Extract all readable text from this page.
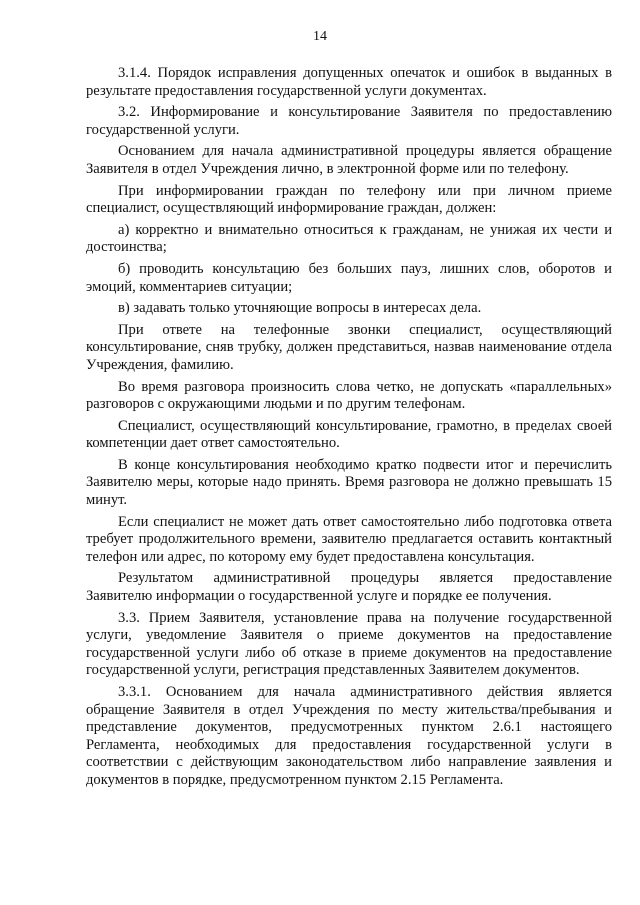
14

3.1.4. Порядок исправления допущенных опечаток и ошибок в выданных в результате предоставления государственной услуги документах.

3.2. Информирование и консультирование Заявителя по предоставлению государственной услуги.

Основанием для начала административной процедуры является обращение Заявителя в отдел Учреждения лично, в электронной форме или по телефону.

При информировании граждан по телефону или при личном приеме специалист, осуществляющий информирование граждан, должен:

а) корректно и внимательно относиться к гражданам, не унижая их чести и достоинства;

б) проводить консультацию без больших пауз, лишних слов, оборотов и эмоций, комментариев ситуации;

в) задавать только уточняющие вопросы в интересах дела.

При ответе на телефонные звонки специалист, осуществляющий консультирование, сняв трубку, должен представиться, назвав наименование отдела Учреждения, фамилию.

Во время разговора произносить слова четко, не допускать «параллельных» разговоров с окружающими людьми и по другим телефонам.

Специалист, осуществляющий консультирование, грамотно, в пределах своей компетенции дает ответ самостоятельно.

В конце консультирования необходимо кратко подвести итог и перечислить Заявителю меры, которые надо принять. Время разговора не должно превышать 15 минут.

Если специалист не может дать ответ самостоятельно либо подготовка ответа требует продолжительного времени, заявителю предлагается оставить контактный телефон или адрес, по которому ему будет предоставлена консультация.

Результатом административной процедуры является предоставление Заявителю информации о государственной услуге и порядке ее получения.

3.3. Прием Заявителя, установление права на получение государственной услуги, уведомление Заявителя о приеме документов на предоставление государственной услуги либо об отказе в приеме документов на предоставление государственной услуги, регистрация представленных Заявителем документов.

3.3.1. Основанием для начала административного действия является обращение Заявителя в отдел Учреждения по месту жительства/пребывания и представление документов, предусмотренных пунктом 2.6.1 настоящего Регламента, необходимых для предоставления государственной услуги в соответствии с действующим законодательством либо направление заявления и документов в порядке, предусмотренном пунктом 2.15 Регламента.
